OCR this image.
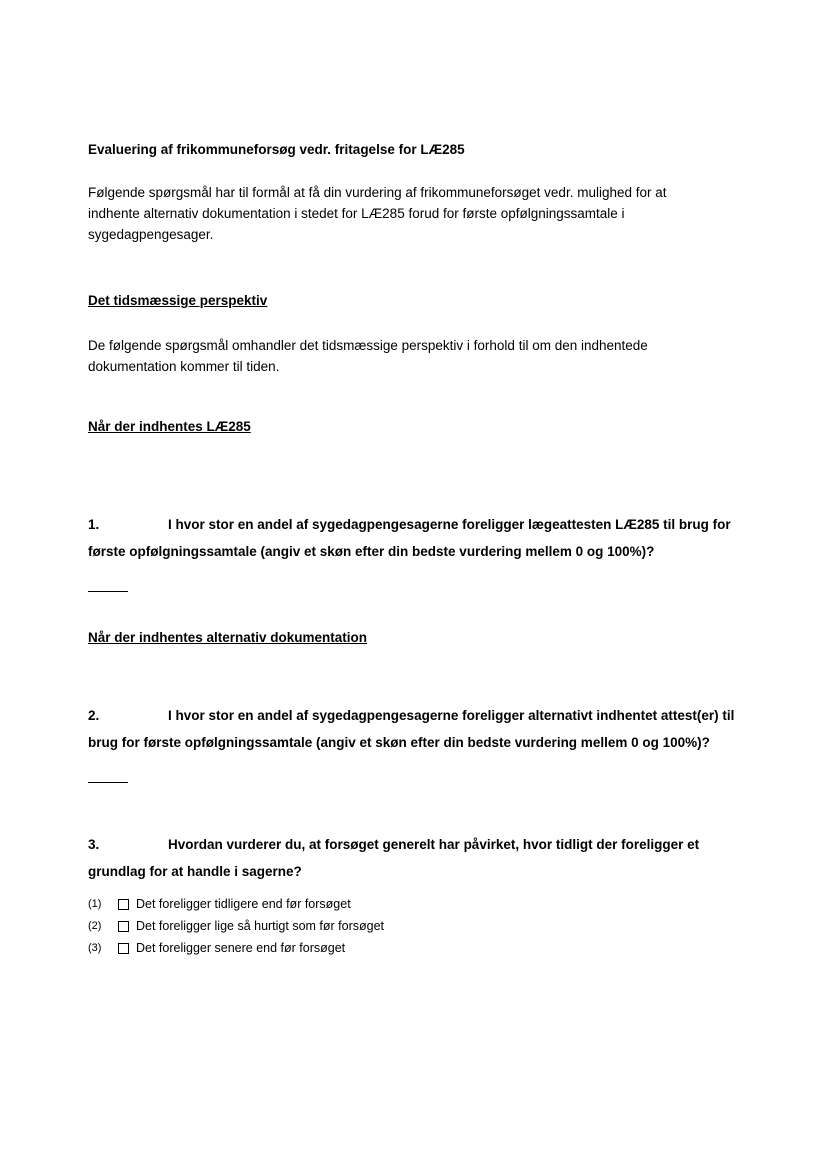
Evaluering af frikommuneforsøg vedr. fritagelse for LÆ285

Følgende spørgsmål har til formål at få din vurdering af frikommuneforsøget vedr. mulighed for at indhente alternativ dokumentation i stedet for LÆ285 forud for første opfølgningssamtale i sygedagpengesager.

Det tidsmæssige perspektiv

De følgende spørgsmål omhandler det tidsmæssige perspektiv i forhold til om den indhentede dokumentation kommer til tiden.

Når der indhentes LÆ285
1.	I hvor stor en andel af sygedagpengesagerne foreligger lægeattesten LÆ285 til brug for første opfølgningssamtale (angiv et skøn efter din bedste vurdering mellem 0 og 100%)?
Når der indhentes alternativ dokumentation
2.	I hvor stor en andel af sygedagpengesagerne foreligger alternativt indhentet attest(er) til brug for første opfølgningssamtale (angiv et skøn efter din bedste vurdering mellem 0 og 100%)?
3.	Hvordan vurderer du, at forsøget generelt har påvirket, hvor tidligt der foreligger et grundlag for at handle i sagerne?
(1)	Det foreligger tidligere end før forsøget
(2)	Det foreligger lige så hurtigt som før forsøget
(3)	Det foreligger senere end før forsøget
